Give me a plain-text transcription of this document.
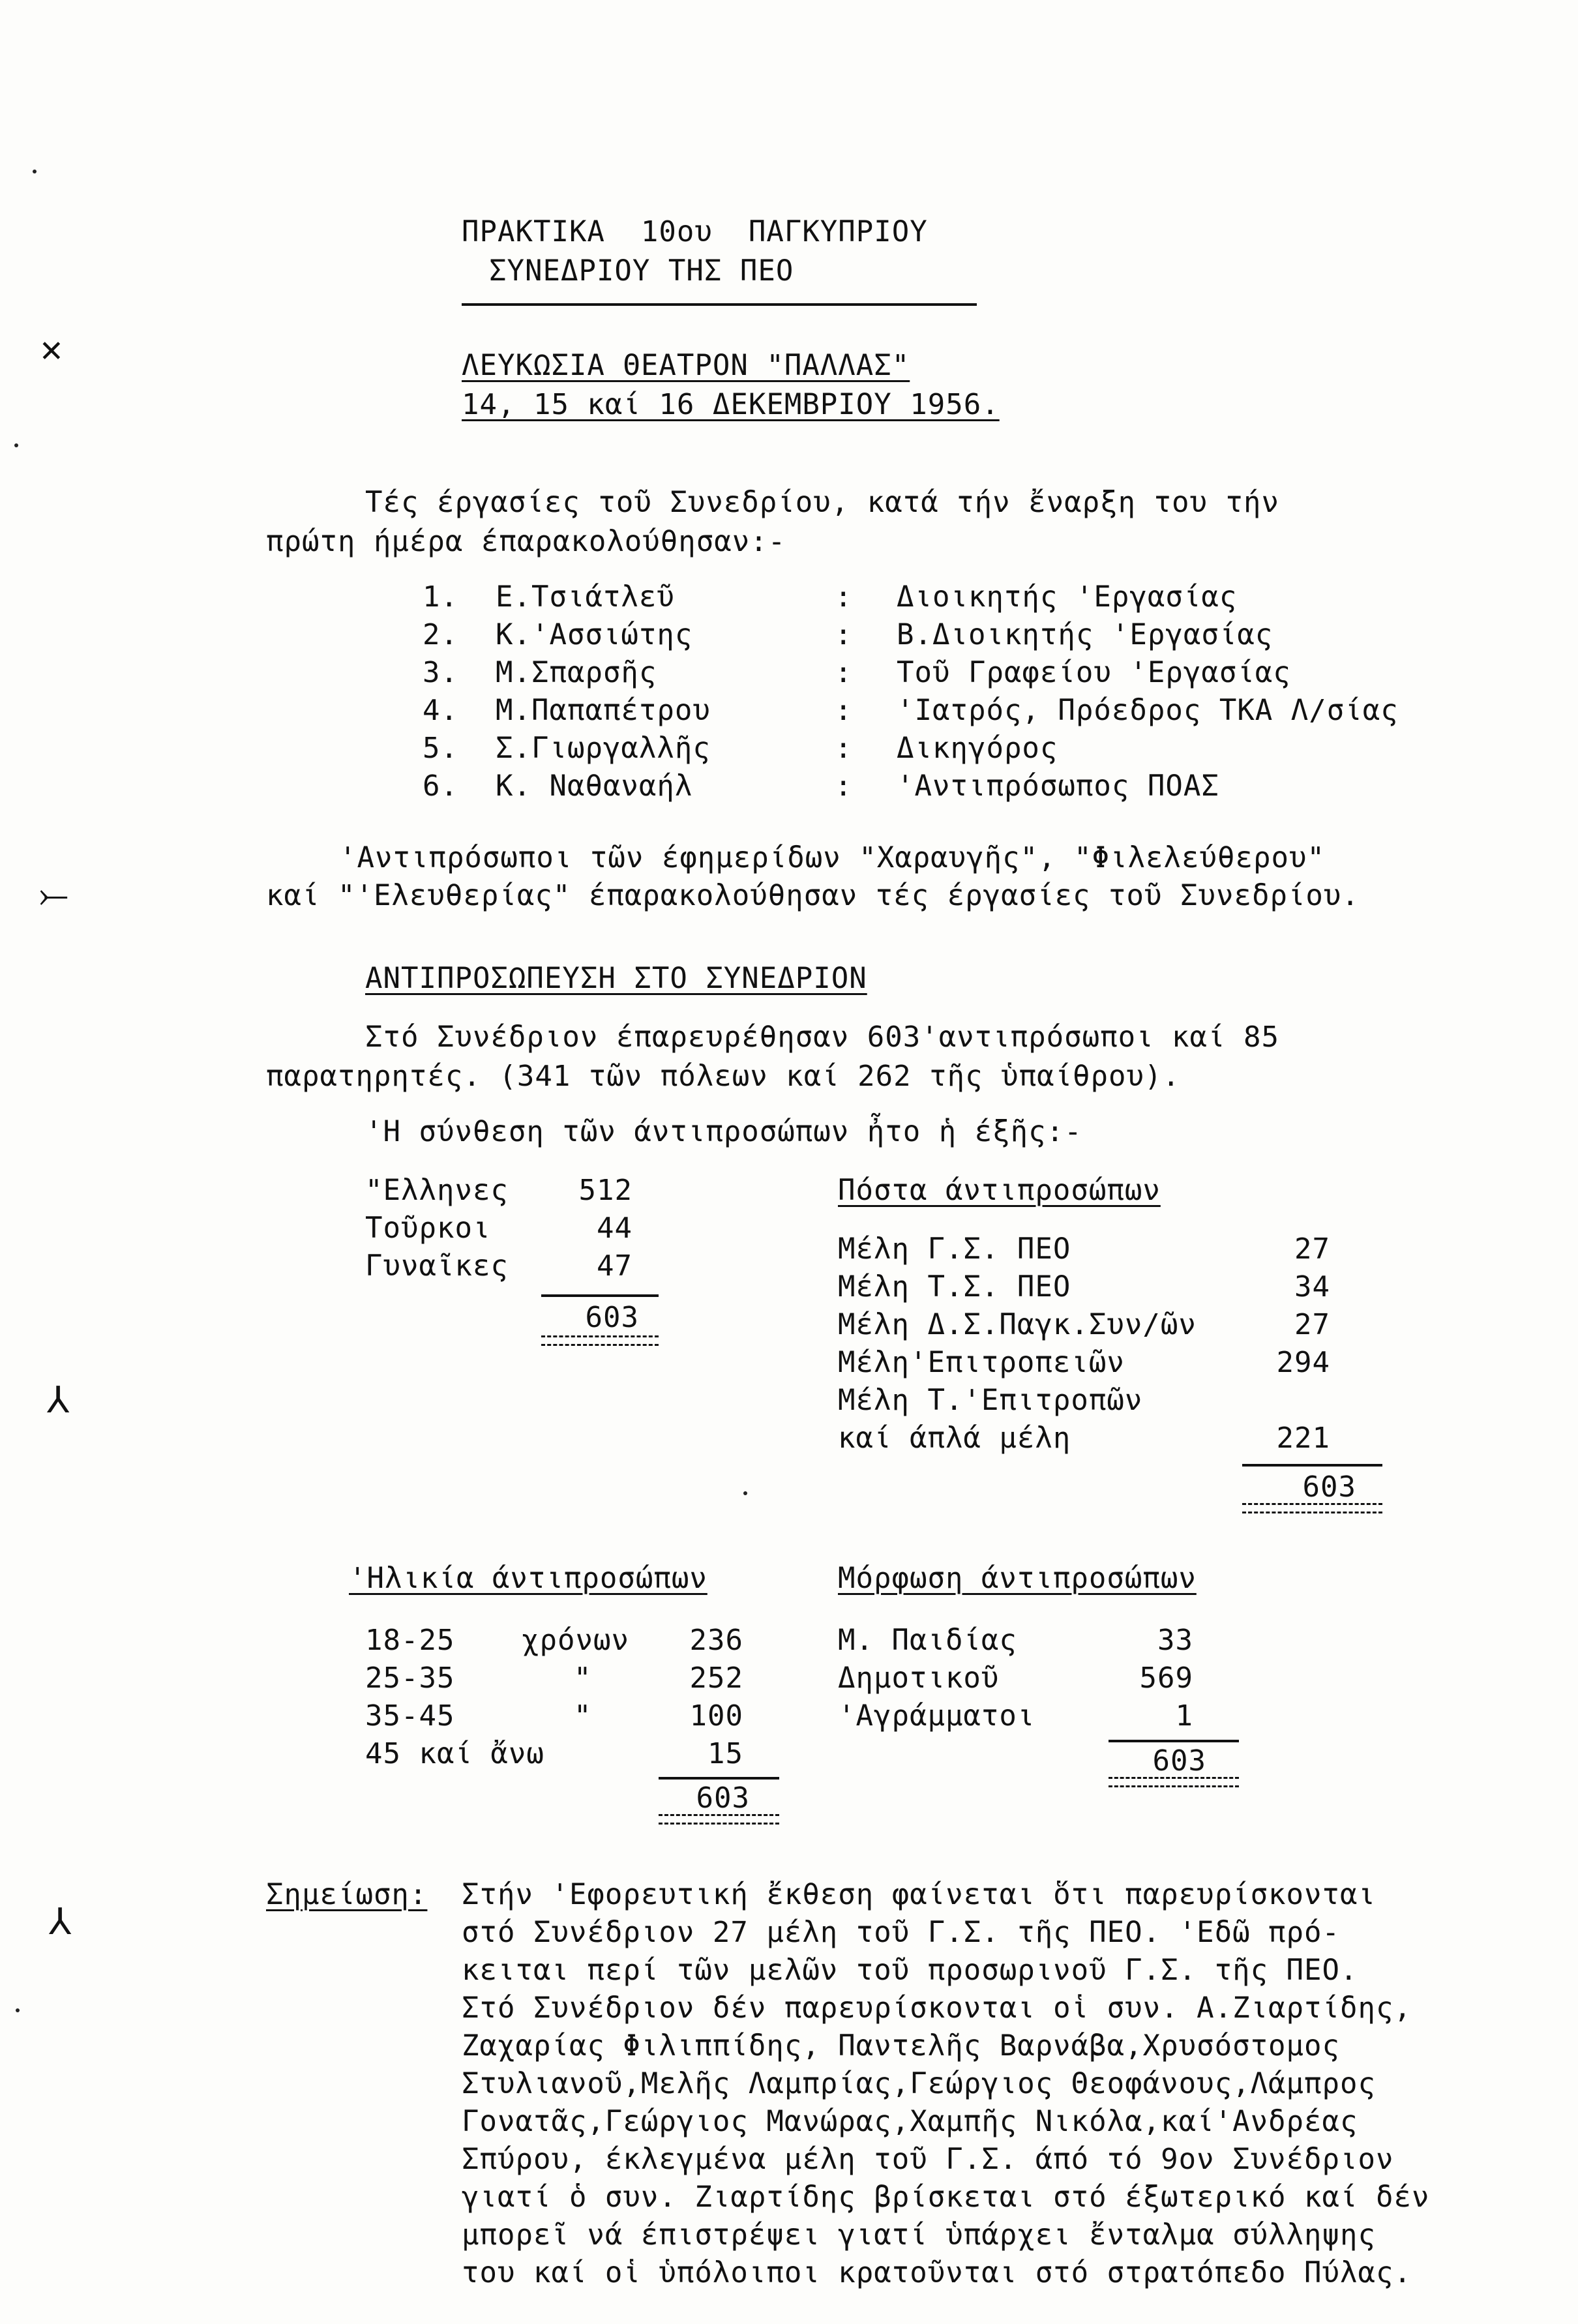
✕
⤚
⅄
⅄
ΠΡΑΚΤΙΚΑ  10ου  ΠΑΓΚΥΠΡΙΟΥ
ΣΥΝΕΔΡΙΟΥ ΤΗΣ ΠΕΟ
ΛΕΥΚΩΣΙΑ ΘΕΑΤΡΟΝ "ΠΑΛΛΑΣ"
14, 15 καί 16 ΔΕΚΕΜΒΡΙΟΥ 1956.
Τές έργασίες τοῦ Συνεδρίου, κατά τήν ἔναρξη του τήν
πρώτη ήμέρα έπαρακολούθησαν:-
1. Ε.Τσιάτλεῦ	: Διοικητής 'Εργασίας
2. Κ.'Ασσιώτης	: Β.Διοικητής 'Εργασίας
3. Μ.Σπαρσῆς	: Τοῦ Γραφείου 'Εργασίας
4. Μ.Παπαπέτρου	: 'Ιατρός, Πρόεδρος ΤΚΑ Λ/σίας
5. Σ.Γιωργαλλῆς	: Δικηγόρος
6. Κ. Ναθαναήλ	: 'Αντιπρόσωπος ΠΟΑΣ
'Αντιπρόσωποι τῶν έφημερίδων "Χαραυγῆς", "Φιλελεύθερου"
καί "'Ελευθερίας" έπαρακολούθησαν τές έργασίες τοῦ Συνεδρίου.
ΑΝΤΙΠΡΟΣΩΠΕΥΣΗ ΣΤΟ ΣΥΝΕΔΡΙΟΝ
Στό Συνέδριον έπαρευρέθησαν 603'αντιπρόσωποι καί 85
παρατηρητές. (341 τῶν πόλεων καί 262 τῆς ὑπαίθρου).
'Η σύνθεση τῶν άντιπροσώπων ἦτο ἡ έξῆς:-
"Ελληνες	512
Τοῦρκοι	44
Γυναῖκες	47
603
Πόστα άντιπροσώπων
Μέλη Γ.Σ. ΠΕΟ	27
Μέλη Τ.Σ. ΠΕΟ	34
Μέλη Δ.Σ.Παγκ.Συν/ῶν	27
Μέλη'Επιτροπειῶν	294
Μέλη Τ.'Επιτροπῶν
καί άπλά μέλη	221
603
'Ηλικία άντιπροσώπων
18-25 χρόνων	236
25-35	"	252
35-45	"	100
45 καί ἄνω	15
603
Μόρφωση άντιπροσώπων
Μ. Παιδίας	33
Δημοτικοῦ	569
'Αγράμματοι	1
603
Σημείωση: Στήν 'Εφορευτική ἔκθεση φαίνεται ὅτι παρευρίσκονται
στό Συνέδριον 27 μέλη τοῦ Γ.Σ. τῆς ΠΕΟ. 'Εδῶ πρό-
κειται περί τῶν μελῶν τοῦ προσωρινοῦ Γ.Σ. τῆς ΠΕΟ.
Στό Συνέδριον δέν παρευρίσκονται οἱ συν. Α.Ζιαρτίδης,
Ζαχαρίας Φιλιππίδης, Παντελῆς Βαρνάβα,Χρυσόστομος
Στυλιανοῦ,Μελῆς Λαμπρίας,Γεώργιος Θεοφάνους,Λάμπρος
Γονατᾶς,Γεώργιος Μανώρας,Χαμπῆς Νικόλα,καί'Ανδρέας
Σπύρου, έκλεγμένα μέλη τοῦ Γ.Σ. άπό τό 9ον Συνέδριον
γιατί ὁ συν. Ζιαρτίδης βρίσκεται στό έξωτερικό καί δέν
μπορεῖ νά έπιστρέψει γιατί ὑπάρχει ἔνταλμα σύλληψης
του καί οἱ ὑπόλοιποι κρατοῦνται στό στρατόπεδο Πύλας.
